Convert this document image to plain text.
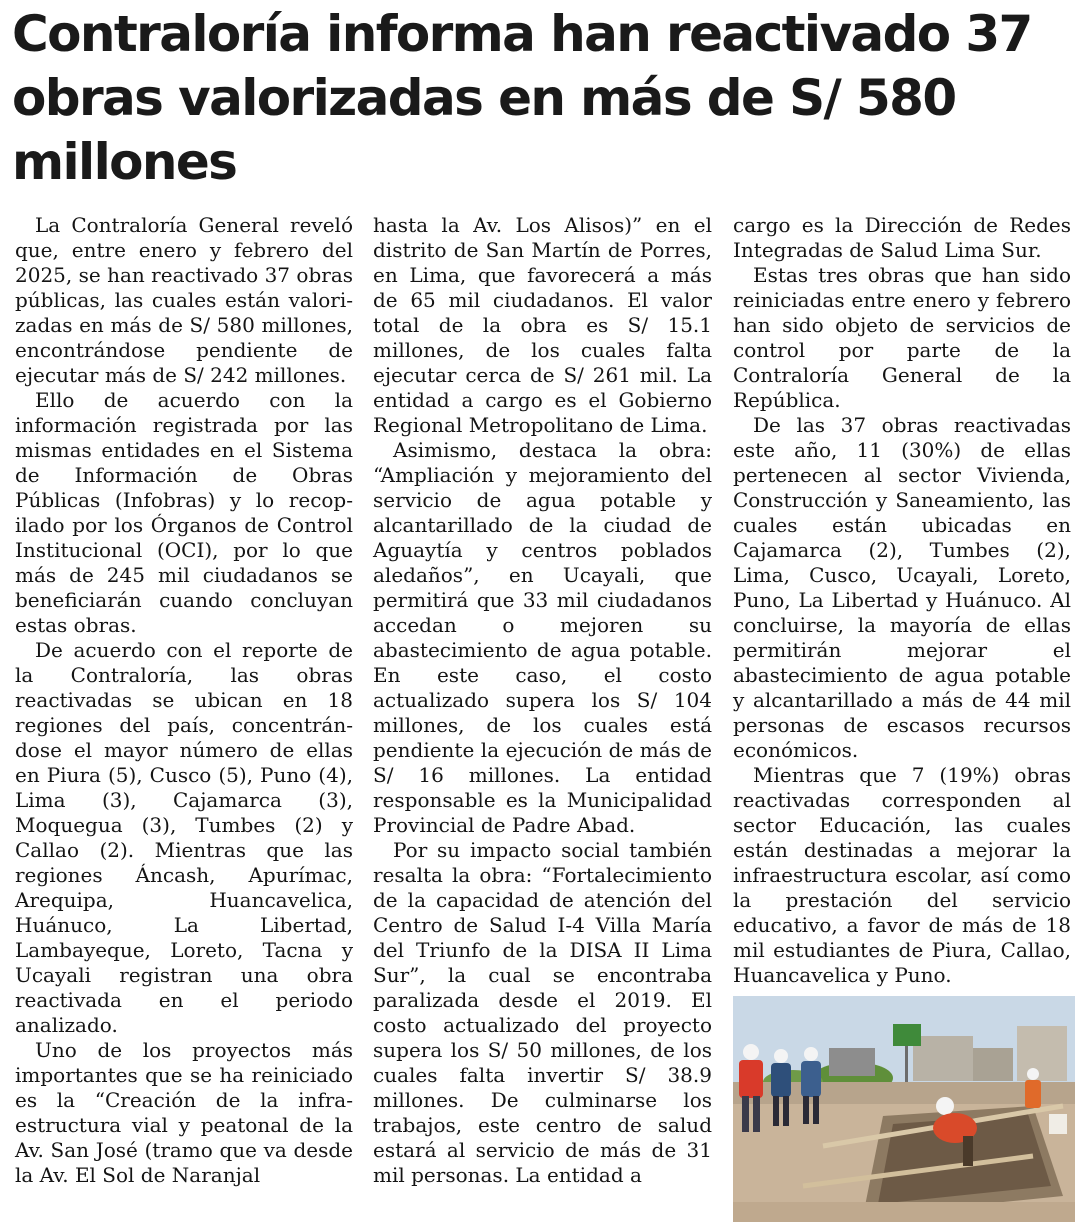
Contraloría informa han reactivado 37 obras valorizadas en más de S/ 580 millones

La Contraloría General reveló que, entre enero y febrero del 2025, se han reactivado 37 obras públicas, las cuales están valorizadas en más de S/ 580 millones, encontrándose pendiente de ejecutar más de S/ 242 millones.

Ello de acuerdo con la información registrada por las mismas entidades en el Sistema de Información de Obras Públicas (Infobras) y lo recopilado por los Órganos de Control Institucional (OCI), por lo que más de 245 mil ciudadanos se beneficiarán cuando concluyan estas obras.

De acuerdo con el reporte de la Contraloría, las obras reactivadas se ubican en 18 regiones del país, concentrándose el mayor número de ellas en Piura (5), Cusco (5), Puno (4), Lima (3), Cajamarca (3), Moquegua (3), Tumbes (2) y Callao (2). Mientras que las regiones Áncash, Apurímac, Arequipa, Huancavelica, Huánuco, La Libertad, Lambayeque, Loreto, Tacna y Ucayali registran una obra reactivada en el periodo analizado.

Uno de los proyectos más importantes que se ha reiniciado es la “Creación de la infraestructura vial y peatonal de la Av. San José (tramo que va desde la Av. El Sol de Naranjal

hasta la Av. Los Alisos)” en el distrito de San Martín de Porres, en Lima, que favorecerá a más de 65 mil ciudadanos. El valor total de la obra es S/ 15.1 millones, de los cuales falta ejecutar cerca de S/ 261 mil. La entidad a cargo es el Gobierno Regional Metropolitano de Lima.

Asimismo, destaca la obra: “Ampliación y mejoramiento del servicio de agua potable y alcantarillado de la ciudad de Aguaytía y centros poblados aledaños”, en Ucayali, que permitirá que 33 mil ciudadanos accedan o mejoren su abastecimiento de agua potable. En este caso, el costo actualizado supera los S/ 104 millones, de los cuales está pendiente la ejecución de más de S/ 16 millones. La entidad responsable es la Municipalidad Provincial de Padre Abad.

Por su impacto social también resalta la obra: “Fortalecimiento de la capacidad de atención del Centro de Salud I-4 Villa María del Triunfo de la DISA II Lima Sur”, la cual se encontraba paralizada desde el 2019. El costo actualizado del proyecto supera los S/ 50 millones, de los cuales falta invertir S/ 38.9 millones. De culminarse los trabajos, este centro de salud estará al servicio de más de 31 mil personas. La entidad a

cargo es la Dirección de Redes Integradas de Salud Lima Sur.

Estas tres obras que han sido reiniciadas entre enero y febrero han sido objeto de servicios de control por parte de la Contraloría General de la República.

De las 37 obras reactivadas este año, 11 (30%) de ellas pertenecen al sector Vivienda, Construcción y Saneamiento, las cuales están ubicadas en Cajamarca (2), Tumbes (2), Lima, Cusco, Ucayali, Loreto, Puno, La Libertad y Huánuco. Al concluirse, la mayoría de ellas permitirán mejorar el abastecimiento de agua potable y alcantarillado a más de 44 mil personas de escasos recursos económicos.

Mientras que 7 (19%) obras reactivadas corresponden al sector Educación, las cuales están destinadas a mejorar la infraestructura escolar, así como la prestación del servicio educativo, a favor de más de 18 mil estudiantes de Piura, Callao, Huancavelica y Puno.
